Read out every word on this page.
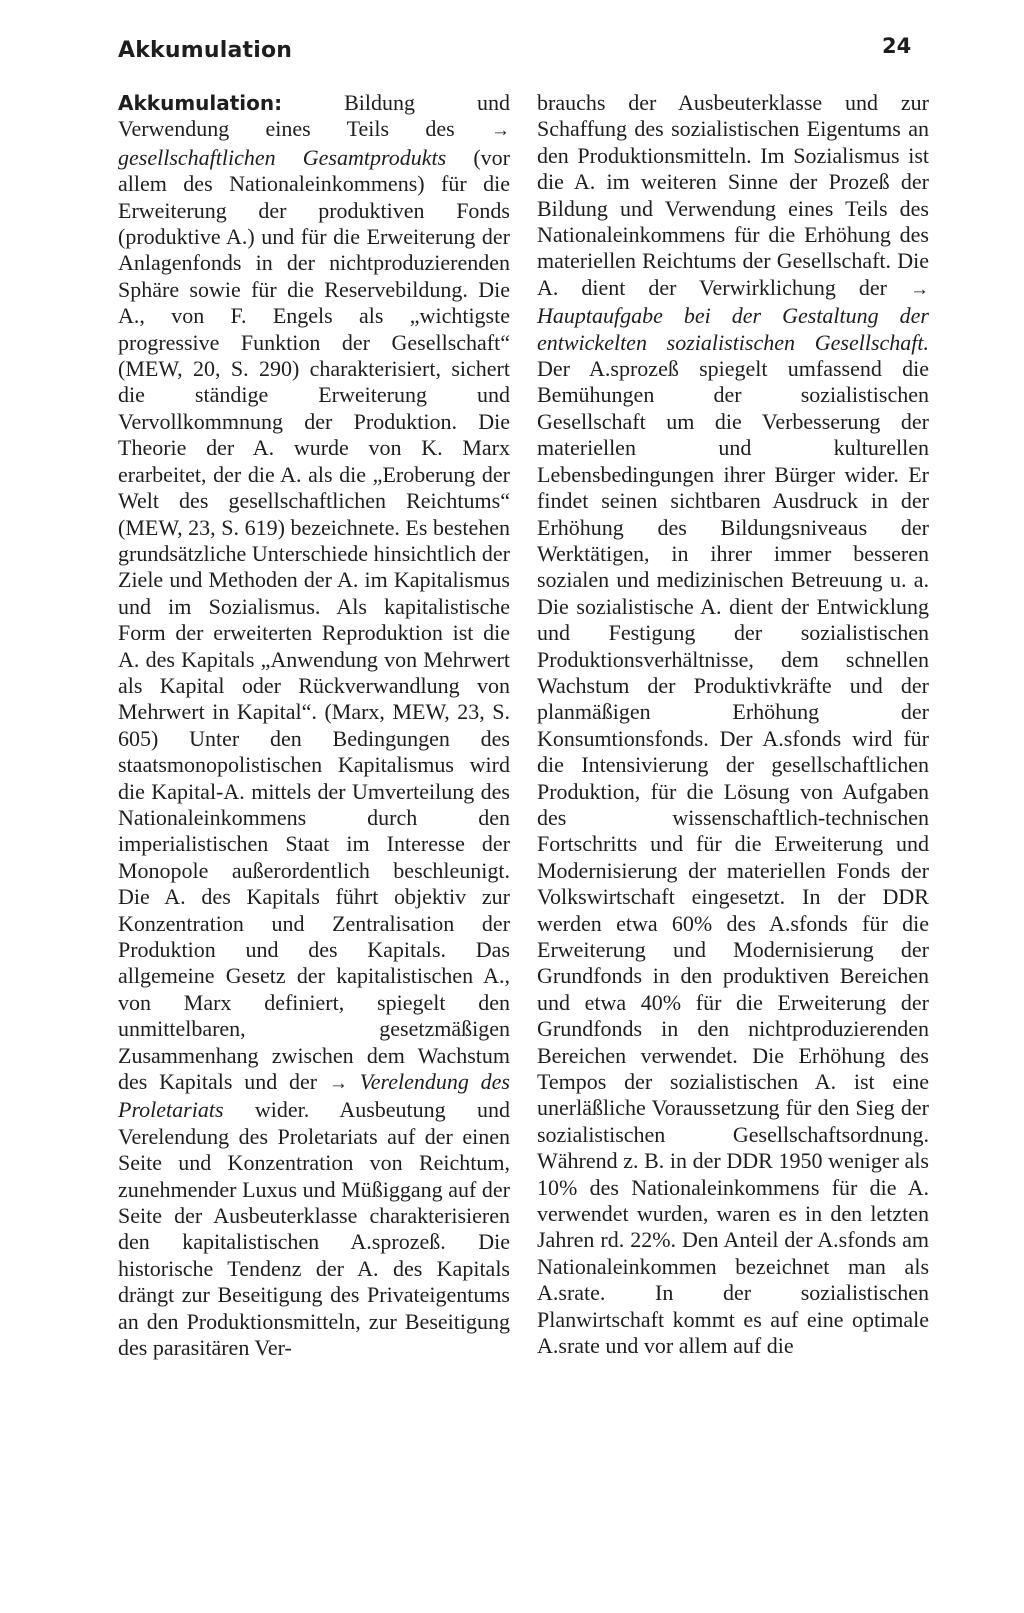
Akkumulation	24

Akkumulation: Bildung und Verwendung eines Teils des → gesellschaftlichen Gesamtprodukts (vor allem des Nationaleinkommens) für die Erweiterung der produktiven Fonds (produktive A.) und für die Erweiterung der Anlagenfonds in der nichtproduzierenden Sphäre sowie für die Reservebildung. Die A., von F. Engels als „wichtigste progressive Funktion der Gesellschaft“ (MEW, 20, S. 290) charakterisiert, sichert die ständige Erweiterung und Vervollkommnung der Produktion. Die Theorie der A. wurde von K. Marx erarbeitet, der die A. als die „Eroberung der Welt des gesellschaftlichen Reichtums“ (MEW, 23, S. 619) bezeichnete. Es bestehen grundsätzliche Unterschiede hinsichtlich der Ziele und Methoden der A. im Kapitalismus und im Sozialismus. Als kapitalistische Form der erweiterten Reproduktion ist die A. des Kapitals „Anwendung von Mehrwert als Kapital oder Rückverwandlung von Mehrwert in Kapital“. (Marx, MEW, 23, S. 605) Unter den Bedingungen des staatsmonopolistischen Kapitalismus wird die Kapital-A. mittels der Umverteilung des Nationaleinkommens durch den imperialistischen Staat im Interesse der Monopole außerordentlich beschleunigt. Die A. des Kapitals führt objektiv zur Konzentration und Zentralisation der Produktion und des Kapitals. Das allgemeine Gesetz der kapitalistischen A., von Marx definiert, spiegelt den unmittelbaren, gesetzmäßigen Zusammenhang zwischen dem Wachstum des Kapitals und der → Verelendung des Proletariats wider. Ausbeutung und Verelendung des Proletariats auf der einen Seite und Konzentration von Reichtum, zunehmender Luxus und Müßiggang auf der Seite der Ausbeuterklasse charakterisieren den kapitalistischen A.sprozeß. Die historische Tendenz der A. des Kapitals drängt zur Beseitigung des Privateigentums an den Produktionsmitteln, zur Beseitigung des parasitären Ver-

brauchs der Ausbeuterklasse und zur Schaffung des sozialistischen Eigentums an den Produktionsmitteln. Im Sozialismus ist die A. im weiteren Sinne der Prozeß der Bildung und Verwendung eines Teils des Nationaleinkommens für die Erhöhung des materiellen Reichtums der Gesellschaft. Die A. dient der Verwirklichung der → Hauptaufgabe bei der Gestaltung der entwickelten sozialistischen Gesellschaft. Der A.sprozeß spiegelt umfassend die Bemühungen der sozialistischen Gesellschaft um die Verbesserung der materiellen und kulturellen Lebensbedingungen ihrer Bürger wider. Er findet seinen sichtbaren Ausdruck in der Erhöhung des Bildungsniveaus der Werktätigen, in ihrer immer besseren sozialen und medizinischen Betreuung u. a. Die sozialistische A. dient der Entwicklung und Festigung der sozialistischen Produktionsverhältnisse, dem schnellen Wachstum der Produktivkräfte und der planmäßigen Erhöhung der Konsumtionsfonds. Der A.sfonds wird für die Intensivierung der gesellschaftlichen Produktion, für die Lösung von Aufgaben des wissenschaftlich-technischen Fortschritts und für die Erweiterung und Modernisierung der materiellen Fonds der Volkswirtschaft eingesetzt. In der DDR werden etwa 60% des A.sfonds für die Erweiterung und Modernisierung der Grundfonds in den produktiven Bereichen und etwa 40% für die Erweiterung der Grundfonds in den nichtproduzierenden Bereichen verwendet. Die Erhöhung des Tempos der sozialistischen A. ist eine unerläßliche Voraussetzung für den Sieg der sozialistischen Gesellschaftsordnung. Während z. B. in der DDR 1950 weniger als 10% des Nationaleinkommens für die A. verwendet wurden, waren es in den letzten Jahren rd. 22%. Den Anteil der A.sfonds am Nationaleinkommen bezeichnet man als A.srate. In der sozialistischen Planwirtschaft kommt es auf eine optimale A.srate und vor allem auf die
